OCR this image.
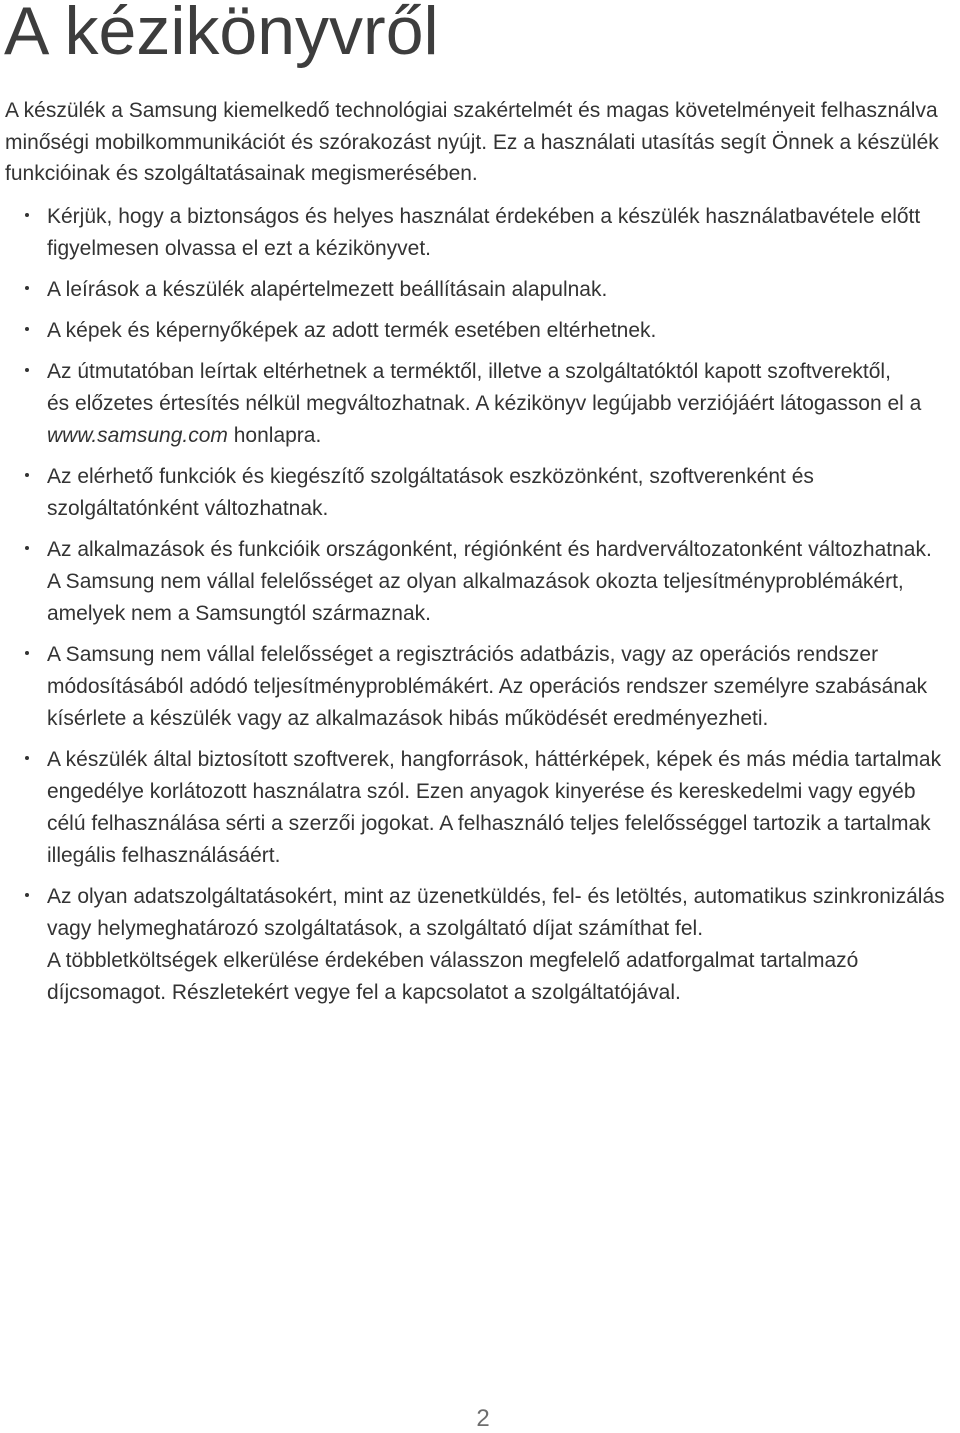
A kézikönyvről
A készülék a Samsung kiemelkedő technológiai szakértelmét és magas követelményeit felhasználva
minőségi mobilkommunikációt és szórakozást nyújt. Ez a használati utasítás segít Önnek a készülék
funkcióinak és szolgáltatásainak megismerésében.
Kérjük, hogy a biztonságos és helyes használat érdekében a készülék használatbavétele előtt
figyelmesen olvassa el ezt a kézikönyvet.
A leírások a készülék alapértelmezett beállításain alapulnak.
A képek és képernyőképek az adott termék esetében eltérhetnek.
Az útmutatóban leírtak eltérhetnek a terméktől, illetve a szolgáltatóktól kapott szoftverektől,
és előzetes értesítés nélkül megváltozhatnak. A kézikönyv legújabb verziójáért látogasson el a
www.samsung.com honlapra.
Az elérhető funkciók és kiegészítő szolgáltatások eszközönként, szoftverenként és
szolgáltatónként változhatnak.
Az alkalmazások és funkcióik országonként, régiónként és hardverváltozatonként változhatnak.
A Samsung nem vállal felelősséget az olyan alkalmazások okozta teljesítményproblémákért,
amelyek nem a Samsungtól származnak.
A Samsung nem vállal felelősséget a regisztrációs adatbázis, vagy az operációs rendszer
módosításából adódó teljesítményproblémákért. Az operációs rendszer személyre szabásának
kísérlete a készülék vagy az alkalmazások hibás működését eredményezheti.
A készülék által biztosított szoftverek, hangforrások, háttérképek, képek és más média tartalmak
engedélye korlátozott használatra szól. Ezen anyagok kinyerése és kereskedelmi vagy egyéb
célú felhasználása sérti a szerzői jogokat. A felhasználó teljes felelősséggel tartozik a tartalmak
illegális felhasználásáért.
Az olyan adatszolgáltatásokért, mint az üzenetküldés, fel- és letöltés, automatikus szinkronizálás
vagy helymeghatározó szolgáltatások, a szolgáltató díjat számíthat fel.
A többletköltségek elkerülése érdekében válasszon megfelelő adatforgalmat tartalmazó
díjcsomagot. Részletekért vegye fel a kapcsolatot a szolgáltatójával.
2
